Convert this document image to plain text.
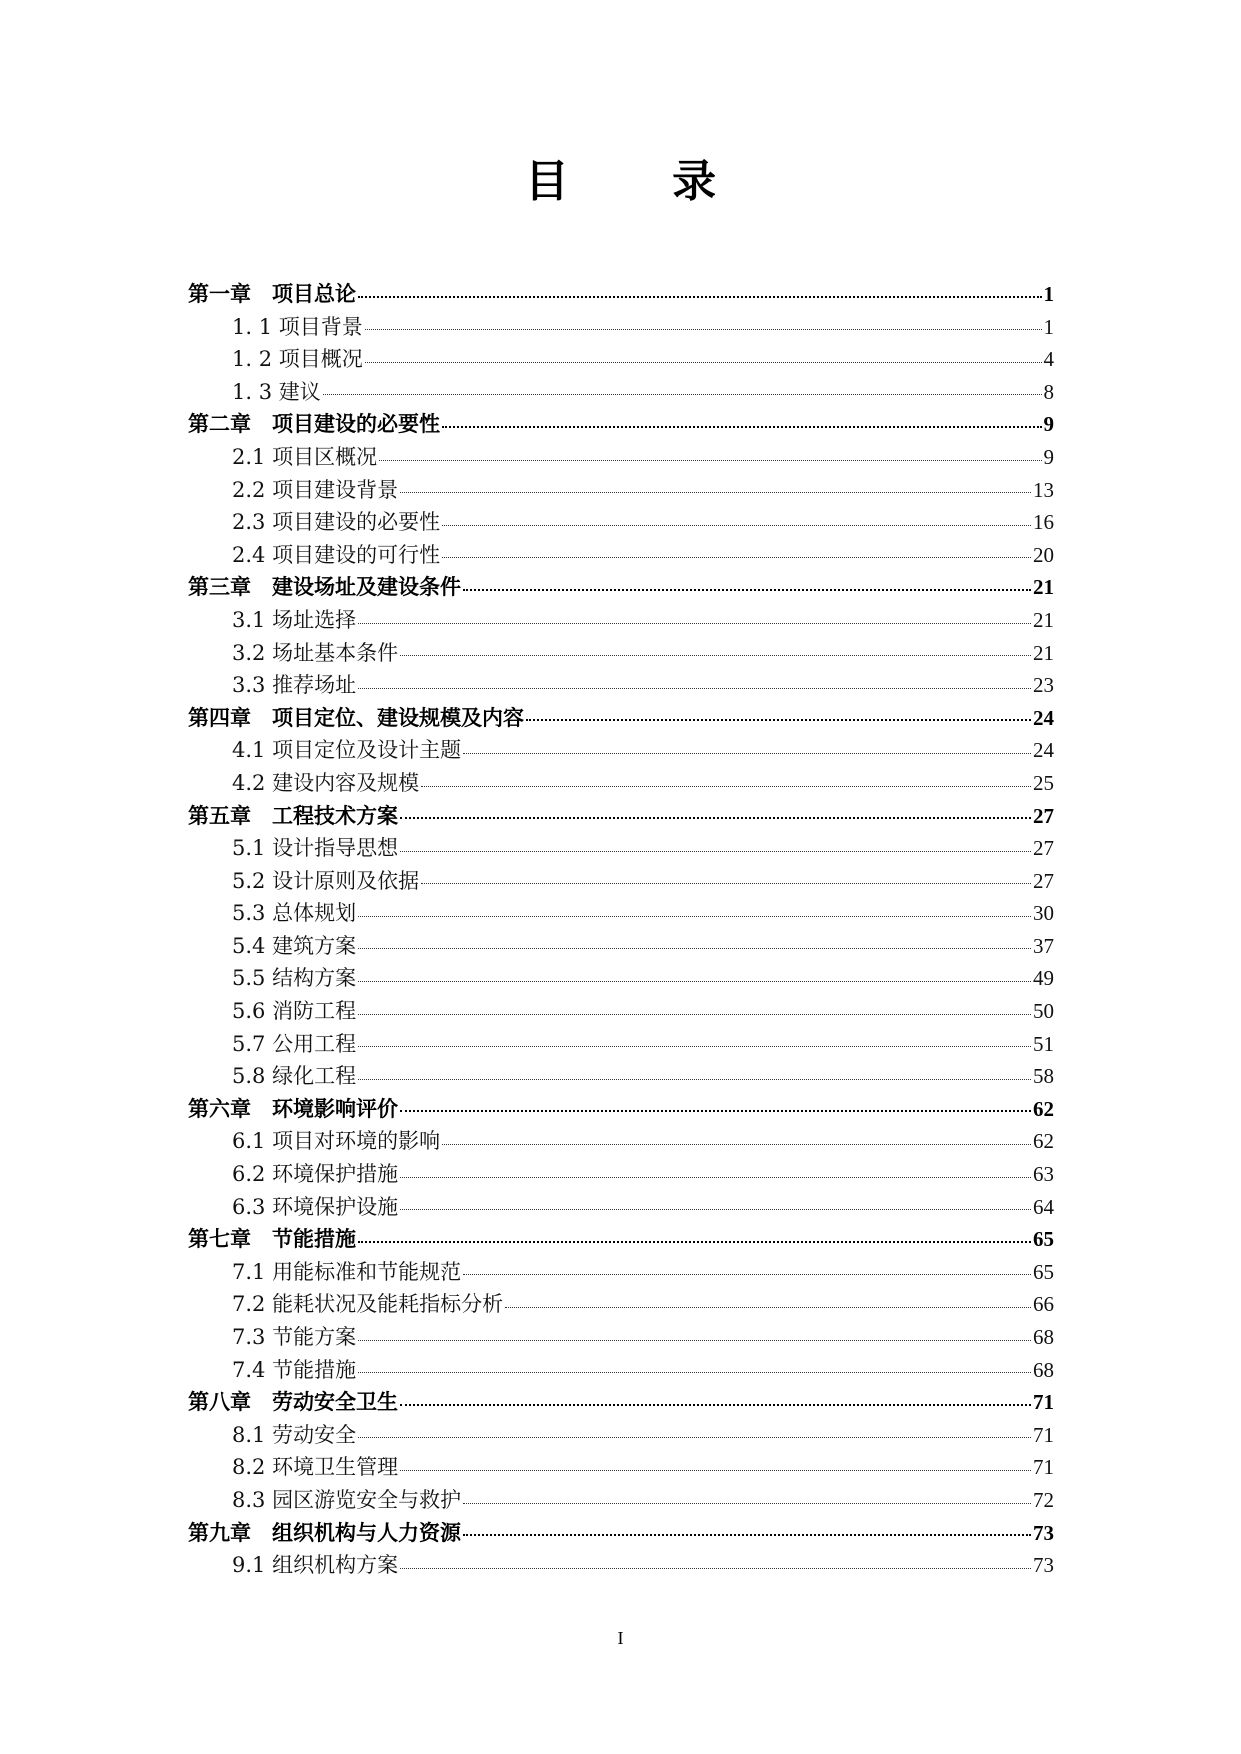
目 录
第一章　项目总论	1
1. 1 项目背景	1
1. 2 项目概况	4
1. 3 建议	8
第二章　项目建设的必要性	9
2.1 项目区概况	9
2.2 项目建设背景	13
2.3 项目建设的必要性	16
2.4 项目建设的可行性	20
第三章　建设场址及建设条件	21
3.1 场址选择	21
3.2 场址基本条件	21
3.3 推荐场址	23
第四章　项目定位、建设规模及内容	24
4.1 项目定位及设计主题	24
4.2 建设内容及规模	25
第五章　工程技术方案	27
5.1 设计指导思想	27
5.2 设计原则及依据	27
5.3 总体规划	30
5.4 建筑方案	37
5.5 结构方案	49
5.6 消防工程	50
5.7 公用工程	51
5.8 绿化工程	58
第六章　环境影响评价	62
6.1 项目对环境的影响	62
6.2 环境保护措施	63
6.3 环境保护设施	64
第七章　节能措施	65
7.1 用能标准和节能规范	65
7.2 能耗状况及能耗指标分析	66
7.3 节能方案	68
7.4 节能措施	68
第八章　劳动安全卫生	71
8.1 劳动安全	71
8.2 环境卫生管理	71
8.3 园区游览安全与救护	72
第九章　组织机构与人力资源	73
9.1 组织机构方案	73
I
